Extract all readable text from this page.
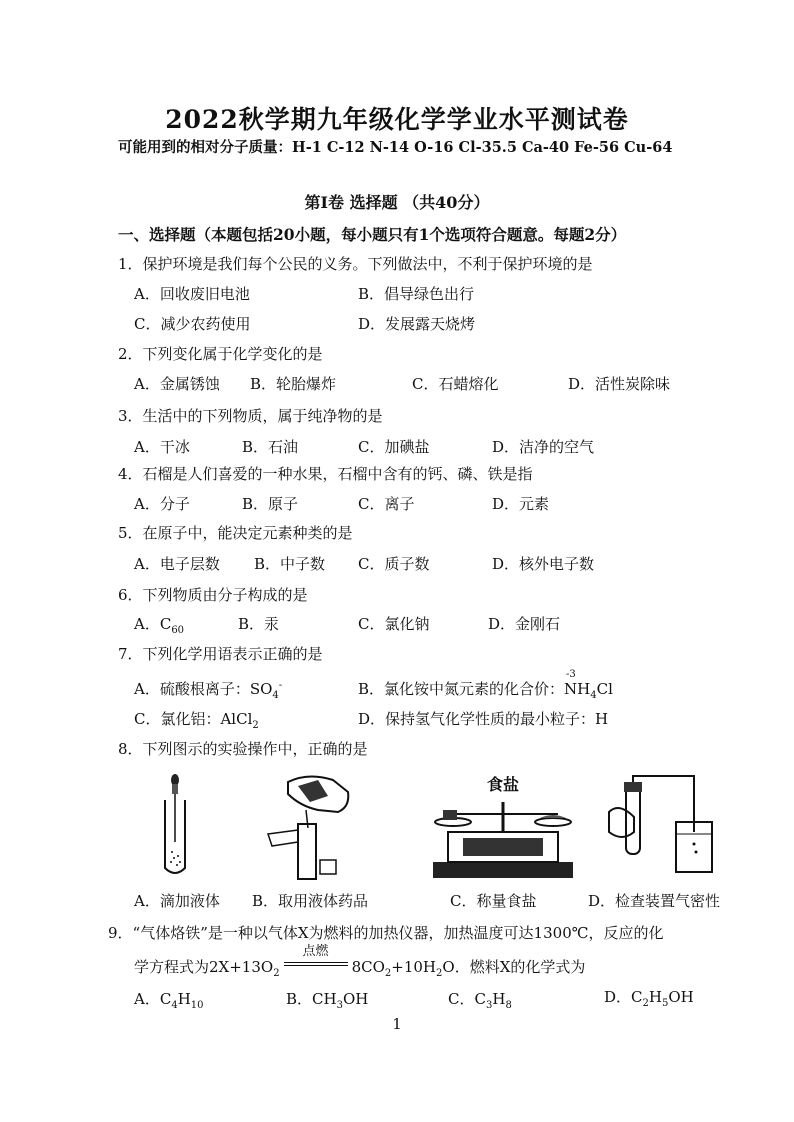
2022秋学期九年级化学学业水平测试卷
可能用到的相对分子质量：H-1 C-12 N-14 O-16 Cl-35.5 Ca-40 Fe-56 Cu-64
第I卷 选择题 （共40分）
一、选择题（本题包括20小题，每小题只有1个选项符合题意。每题2分）
1．保护环境是我们每个公民的义务。下列做法中，不利于保护环境的是
A．回收废旧电池	B．倡导绿色出行
C．减少农药使用	D．发展露天烧烤
2．下列变化属于化学变化的是
A．金属锈蚀 B．轮胎爆炸	C．石蜡熔化	D．活性炭除味
3．生活中的下列物质，属于纯净物的是
A．干冰	B．石油	C．加碘盐	D．洁净的空气
4．石榴是人们喜爱的一种水果，石榴中含有的钙、磷、铁是指
A．分子	B．原子	C．离子	D．元素
5．在原子中，能决定元素种类的是
A．电子层数 B．中子数 C．质子数	D．核外电子数
6．下列物质由分子构成的是
A．$C_{60}$	B．汞	C．氯化钠	D．金刚石
7．下列化学用语表示正确的是
A．硫酸根离子：$SO_4^-$	B．氯化铵中氮元素的化合价：
-3
$NH_4Cl$
C．氯化铝：AlCl$_2$	D．保持氢气化学性质的最小粒子：H
8．下列图示的实验操作中，正确的是
食盐
A．滴加液体 B．取用液体药品	C．称量食盐	D．检查装置气密性
9．“气体烙铁”是一种以气体X为燃料的加热仪器，加热温度可达1300℃，反应的化
学方程式为$2X+13O_2$
点燃
$8CO_2+10H_2O$．燃料X的化学式为
A．$C_4H_{10}$	B．$CH_3OH$	C．$C_3H_8$	D．$C_2H_5OH$
1
